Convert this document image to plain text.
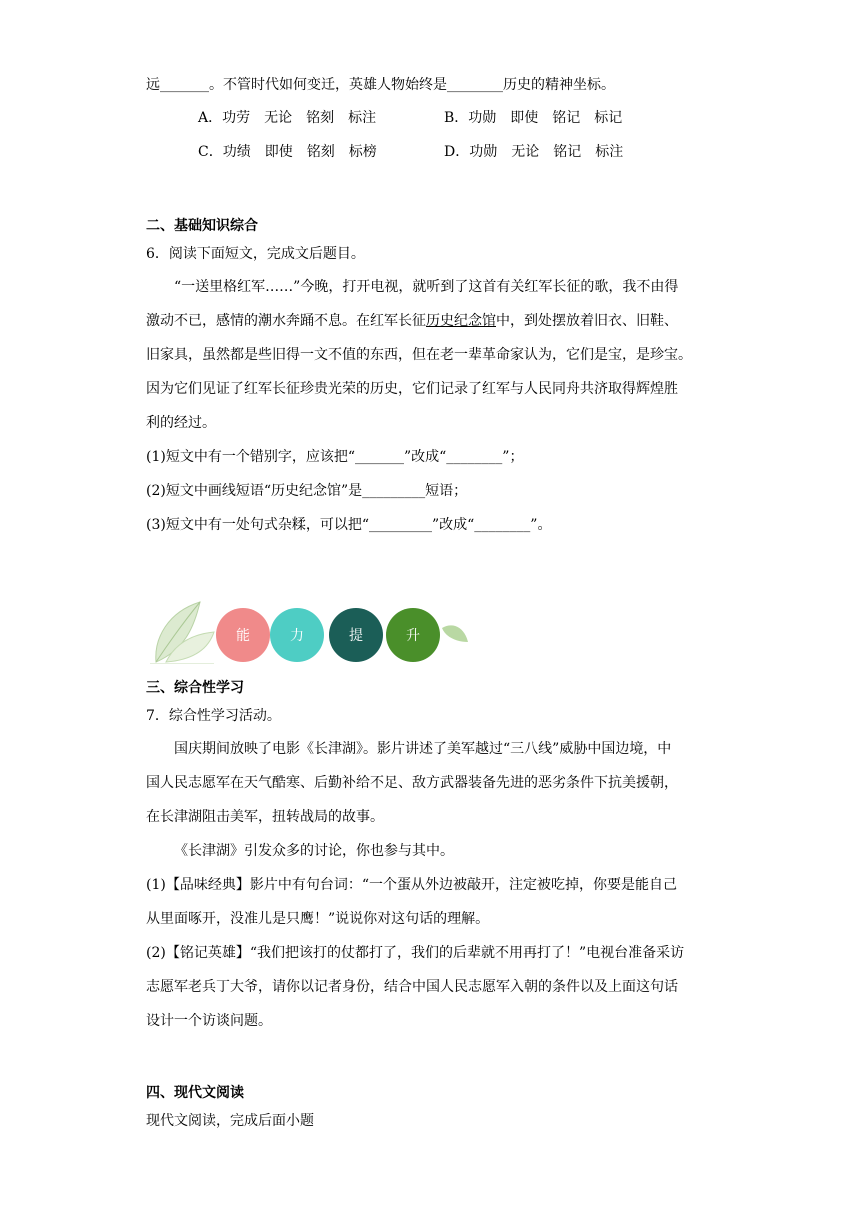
远_______。不管时代如何变迁，英雄人物始终是________历史的精神坐标。
A．功劳　无论　铭刻　标注	B．功勋　即使　铭记　标记
C．功绩　即使　铭刻　标榜	D．功勋　无论　铭记　标注
二、基础知识综合
6．阅读下面短文，完成文后题目。
“一送里格红军……”今晚，打开电视，就听到了这首有关红军长征的歌，我不由得
激动不已，感情的潮水奔踊不息。在红军长征历史纪念馆中，到处摆放着旧衣、旧鞋、
旧家具，虽然都是些旧得一文不值的东西，但在老一辈革命家认为，它们是宝，是珍宝。
因为它们见证了红军长征珍贵光荣的历史，它们记录了红军与人民同舟共济取得辉煌胜
利的经过。
(1)短文中有一个错别字，应该把“_______”改成“________”；
(2)短文中画线短语“历史纪念馆”是_________短语；
(3)短文中有一处句式杂糅，可以把“_________”改成“________”。
能	力	提	升
三、综合性学习
7．综合性学习活动。
国庆期间放映了电影《长津湖》。影片讲述了美军越过“三八线”威胁中国边境，中
国人民志愿军在天气酷寒、后勤补给不足、敌方武器装备先进的恶劣条件下抗美援朝，
在长津湖阻击美军，扭转战局的故事。
《长津湖》引发众多的讨论，你也参与其中。
(1)【品味经典】影片中有句台词：“一个蛋从外边被敲开，注定被吃掉，你要是能自己
从里面啄开，没准儿是只鹰！”说说你对这句话的理解。
(2)【铭记英雄】“我们把该打的仗都打了，我们的后辈就不用再打了！”电视台准备采访
志愿军老兵丁大爷，请你以记者身份，结合中国人民志愿军入朝的条件以及上面这句话
设计一个访谈问题。
四、现代文阅读
现代文阅读，完成后面小题
